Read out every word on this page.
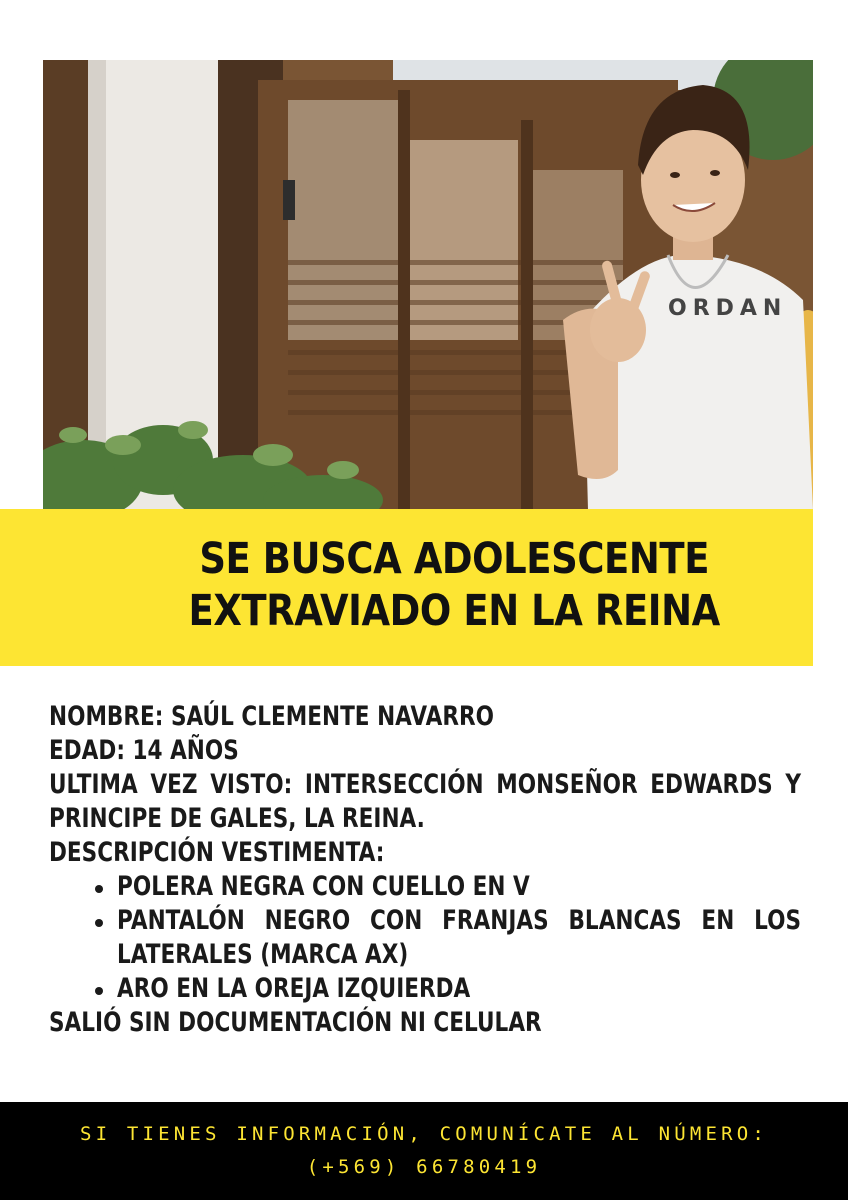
ORDAN
SE BUSCA ADOLESCENTE
EXTRAVIADO EN LA REINA
NOMBRE: SAÚL CLEMENTE NAVARRO
EDAD: 14 AÑOS
ULTIMA VEZ VISTO: INTERSECCIÓN MONSEÑOR EDWARDS Y
PRINCIPE DE GALES, LA REINA.
DESCRIPCIÓN VESTIMENTA:
POLERA NEGRA CON CUELLO EN V
PANTALÓN NEGRO CON FRANJAS BLANCAS EN LOS
LATERALES (MARCA AX)
ARO EN LA OREJA IZQUIERDA
SALIÓ SIN DOCUMENTACIÓN NI CELULAR
SI TIENES INFORMACIÓN, COMUNÍCATE AL NÚMERO:
(+569) 66780419
